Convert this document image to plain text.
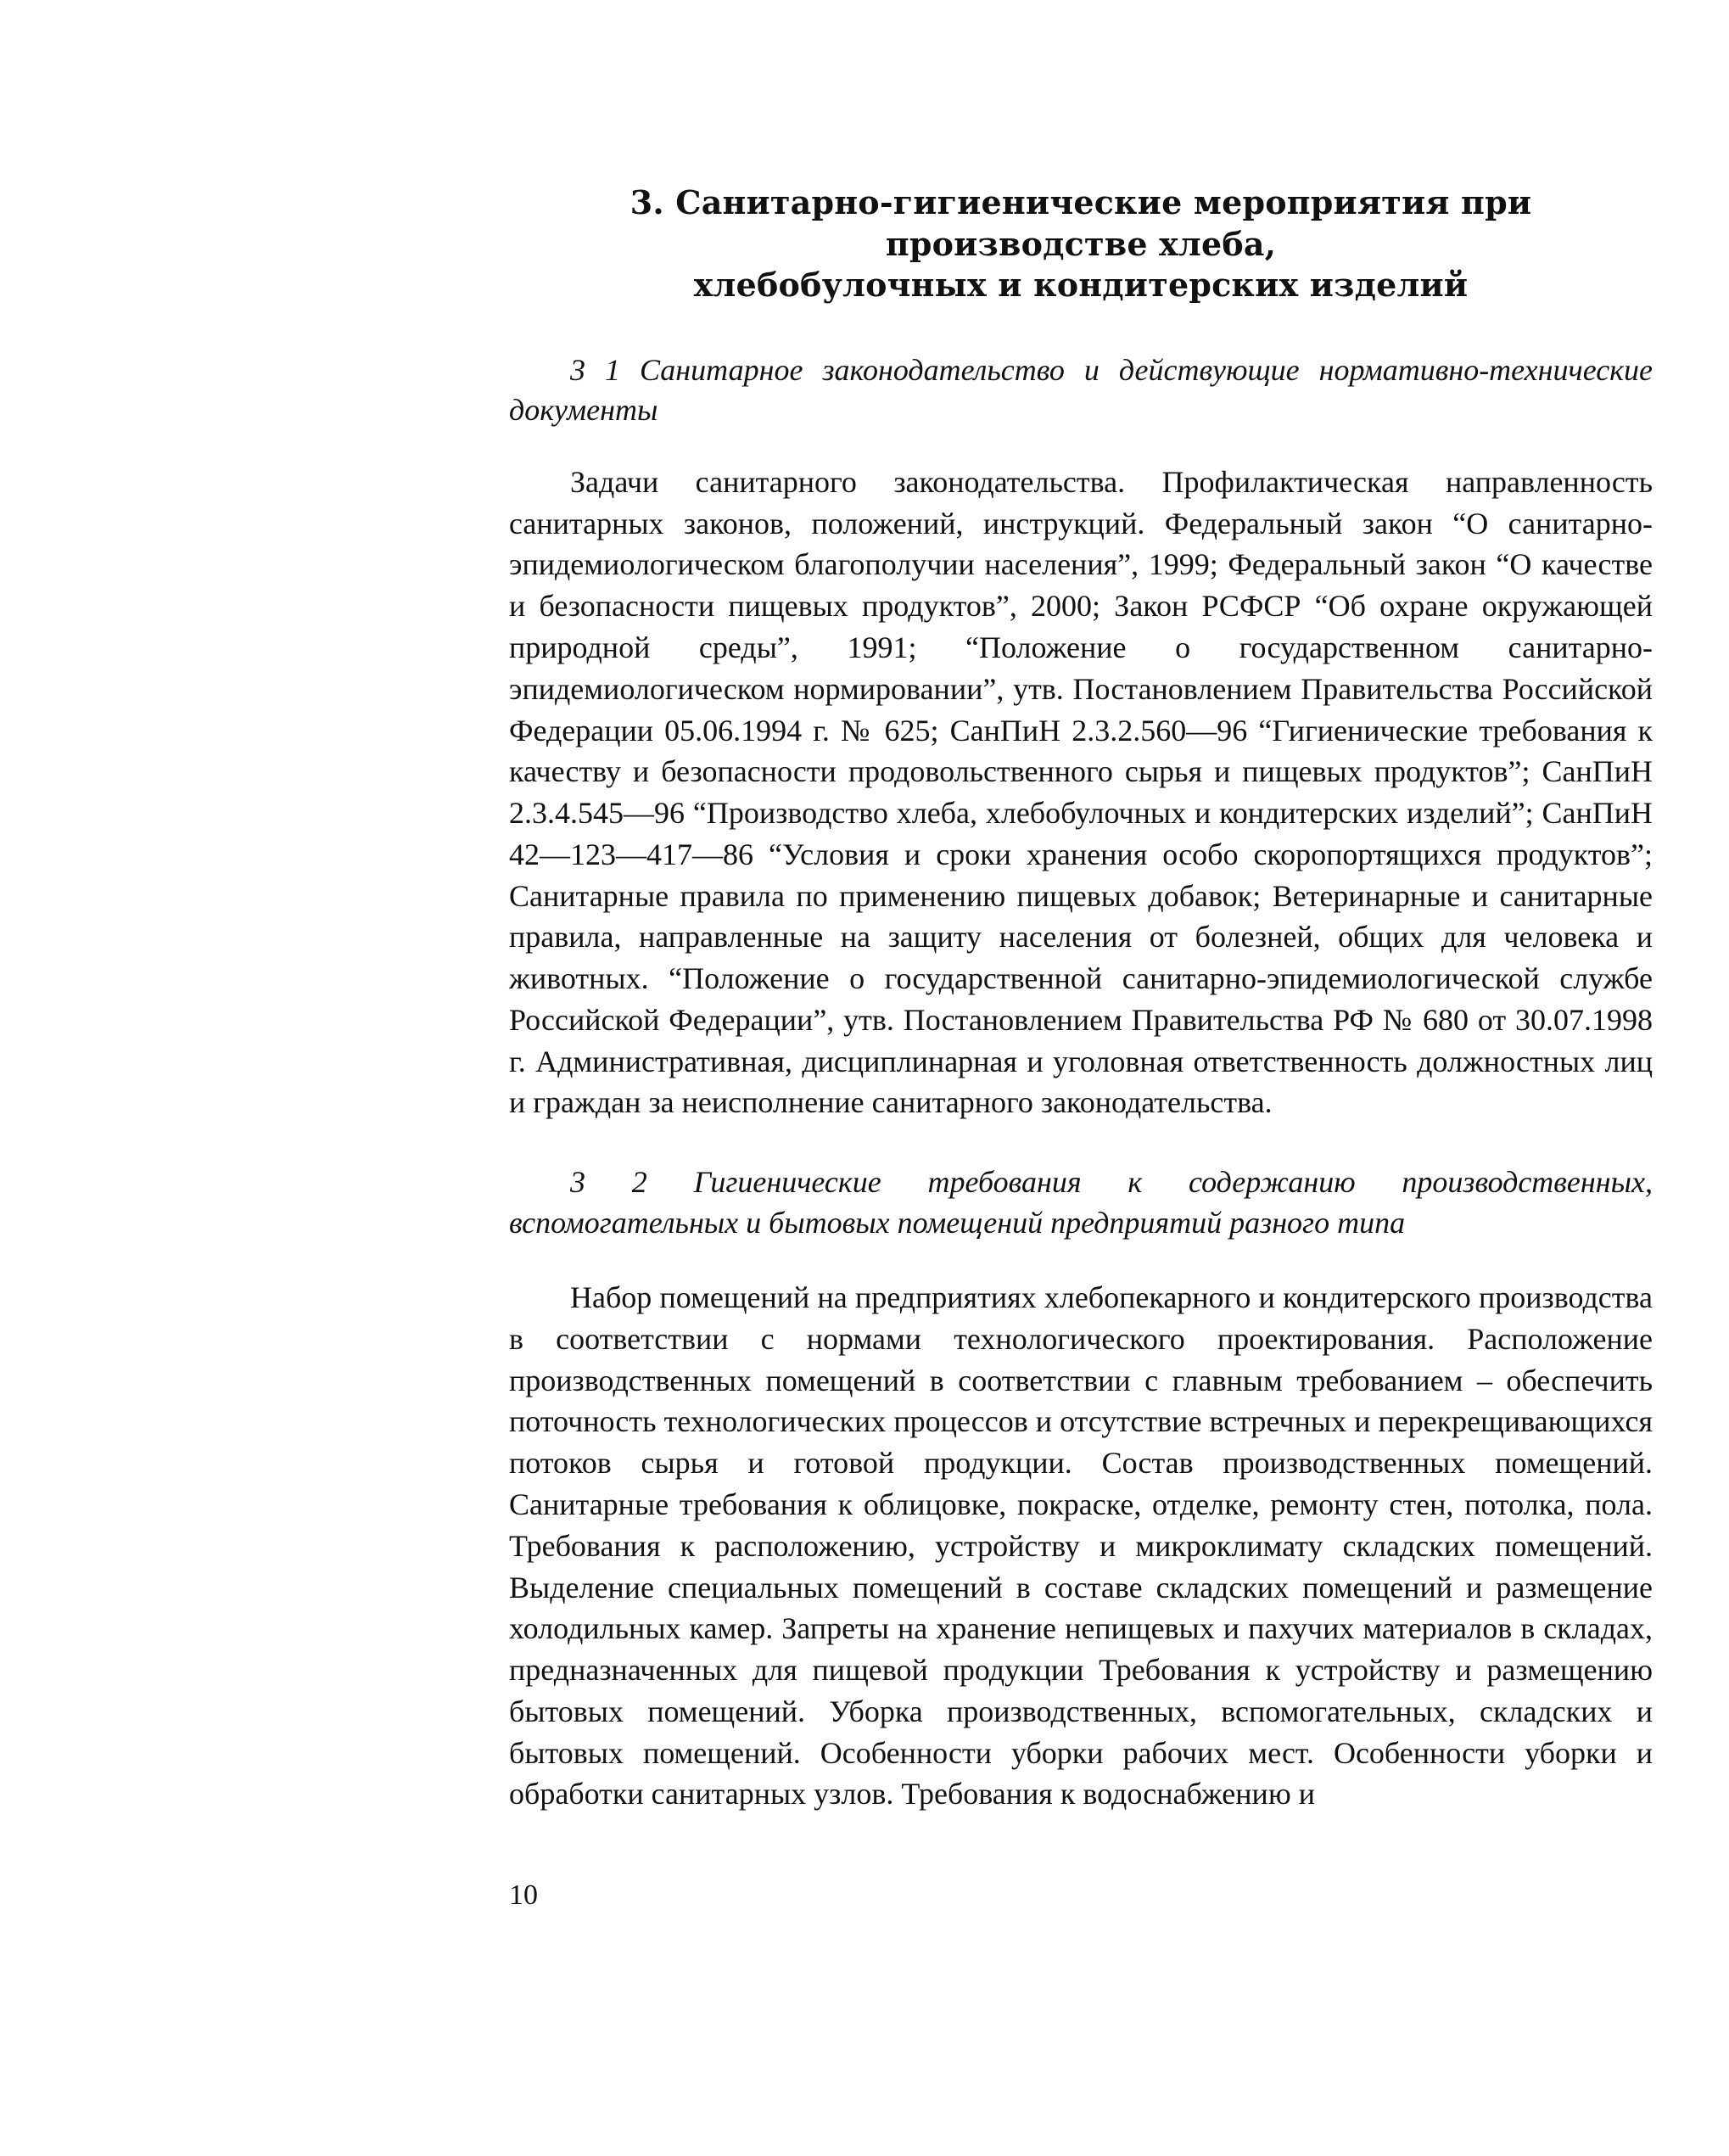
3. Санитарно-гигиенические мероприятия при производстве хлеба,
хлебобулочных и кондитерских изделий
3 1 Санитарное законодательство и действующие нормативно-технические документы

Задачи санитарного законодательства. Профилактическая направленность санитарных законов, положений, инструкций. Федеральный закон “О санитарно-эпидемиологическом благополучии населения”, 1999; Федеральный закон “О качестве и безопасности пищевых продуктов”, 2000; Закон РСФСР “Об охране окружающей природной среды”, 1991; “Положение о государственном санитарно-эпидемиологическом нормировании”, утв. Постановлением Правительства Российской Федерации 05.06.1994 г. № 625; СанПиН 2.3.2.560—96 “Гигиенические требования к качеству и безопасности продовольственного сырья и пищевых продуктов”; СанПиН 2.3.4.545—96 “Производство хлеба, хлебобулочных и кондитерских изделий”; СанПиН 42—123—417—86 “Условия и сроки хранения особо скоропортящихся продуктов”; Санитарные правила по применению пищевых добавок; Ветеринарные и санитарные правила, направленные на защиту населения от болезней, общих для человека и животных. “Положение о государственной санитарно-эпидемиологической службе Российской Федерации”, утв. Постановлением Правительства РФ № 680 от 30.07.1998 г. Административная, дисциплинарная и уголовная ответственность должностных лиц и граждан за неисполнение санитарного законодательства.

3 2 Гигиенические требования к содержанию производственных, вспомогательных и бытовых помещений предприятий разного типа

Набор помещений на предприятиях хлебопекарного и кондитерского производства в соответствии с нормами технологического проектирования. Расположение производственных помещений в соответствии с главным требованием – обеспечить поточность технологических процессов и отсутствие встречных и перекрещивающихся потоков сырья и готовой продукции. Состав производственных помещений. Санитарные требования к облицовке, покраске, отделке, ремонту стен, потолка, пола. Требования к расположению, устройству и микроклимату складских помещений. Выделение специальных помещений в составе складских помещений и размещение холодильных камер. Запреты на хранение непищевых и пахучих материалов в складах, предназначенных для пищевой продукции Требования к устройству и размещению бытовых помещений. Уборка производственных, вспомогательных, складских и бытовых помещений. Особенности уборки рабочих мест. Особенности уборки и обработки санитарных узлов. Требования к водоснабжению и

10
